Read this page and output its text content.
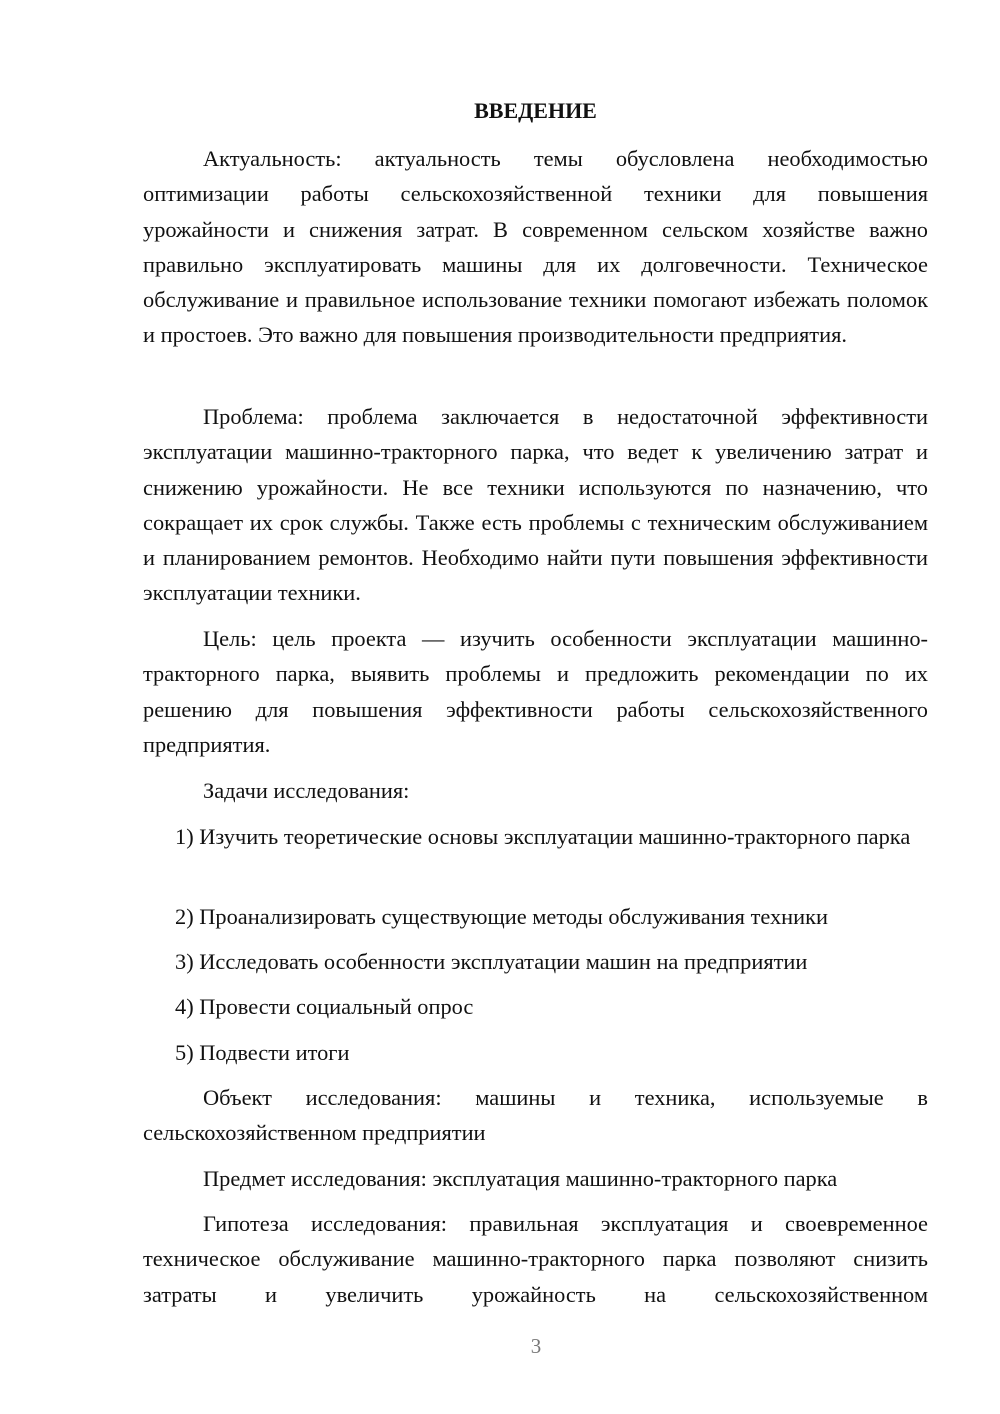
ВВЕДЕНИЕ

Актуальность: актуальность темы обусловлена необходимостью оптимизации работы сельскохозяйственной техники для повышения урожайности и снижения затрат. В современном сельском хозяйстве важно правильно эксплуатировать машины для их долговечности. Техническое обслуживание и правильное использование техники помогают избежать поломок и простоев. Это важно для повышения производительности предприятия.

Проблема: проблема заключается в недостаточной эффективности эксплуатации машинно-тракторного парка, что ведет к увеличению затрат и снижению урожайности. Не все техники используются по назначению, что сокращает их срок службы. Также есть проблемы с техническим обслуживанием и планированием ремонтов. Необходимо найти пути повышения эффективности эксплуатации техники.

Цель: цель проекта — изучить особенности эксплуатации машинно-тракторного парка, выявить проблемы и предложить рекомендации по их решению для повышения эффективности работы сельскохозяйственного предприятия.

Задачи исследования:

1) Изучить теоретические основы эксплуатации машинно-тракторного парка

2) Проанализировать существующие методы обслуживания техники

3) Исследовать особенности эксплуатации машин на предприятии

4) Провести социальный опрос

5) Подвести итоги

Объект исследования: машины и техника, используемые в сельскохозяйственном предприятии

Предмет исследования: эксплуатация машинно-тракторного парка

Гипотеза исследования: правильная эксплуатация и своевременное техническое обслуживание машинно-тракторного парка позволяют снизить затраты и увеличить урожайность на сельскохозяйственном

3
